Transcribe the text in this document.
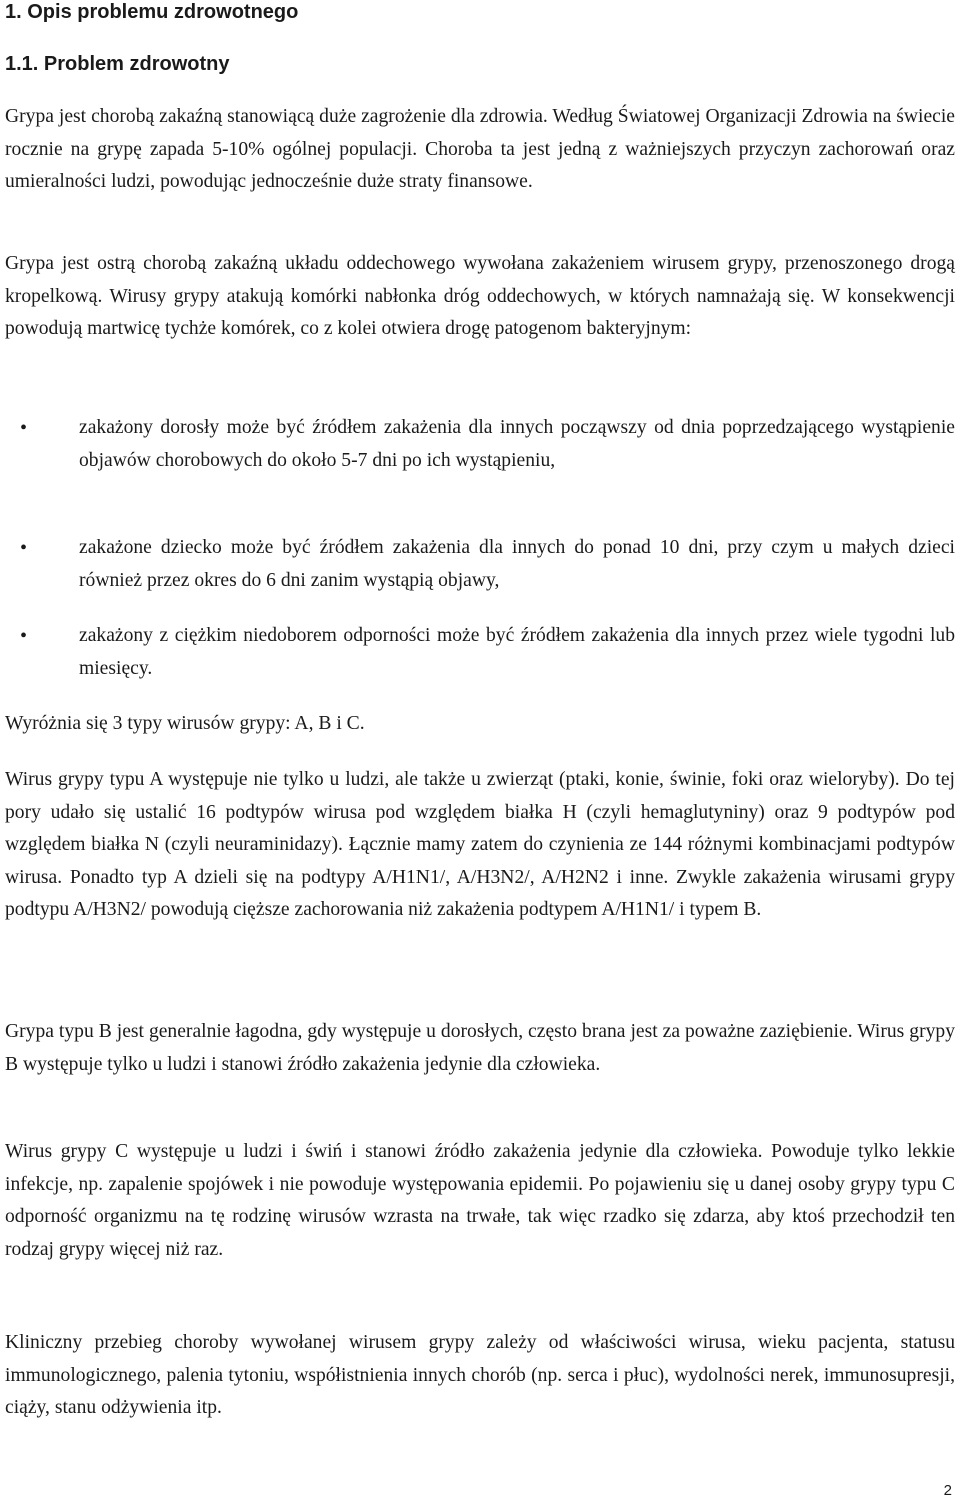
1. Opis problemu zdrowotnego
1.1. Problem zdrowotny

Grypa jest chorobą zakaźną stanowiącą duże zagrożenie dla zdrowia. Według Światowej Organizacji Zdrowia na świecie rocznie na grypę zapada 5-10% ogólnej populacji. Choroba ta jest jedną z ważniejszych przyczyn zachorowań oraz umieralności ludzi, powodując jednocześnie duże straty finansowe.

Grypa jest ostrą chorobą zakaźną układu oddechowego wywołana zakażeniem wirusem grypy, przenoszonego drogą kropelkową. Wirusy grypy atakują komórki nabłonka dróg oddechowych, w których namnażają się. W konsekwencji powodują martwicę tychże komórek, co z kolei otwiera drogę patogenom bakteryjnym:

•	zakażony dorosły może być źródłem zakażenia dla innych począwszy od dnia poprzedzającego wystąpienie objawów chorobowych do około 5-7 dni po ich wystąpieniu,
•	zakażone dziecko może być źródłem zakażenia dla innych do ponad 10 dni, przy czym u małych dzieci również przez okres do 6 dni zanim wystąpią objawy,
•	zakażony z ciężkim niedoborem odporności może być źródłem zakażenia dla innych przez wiele tygodni lub miesięcy.

Wyróżnia się 3 typy wirusów grypy: A, B i C.

Wirus grypy typu A występuje nie tylko u ludzi, ale także u zwierząt (ptaki, konie, świnie, foki oraz wieloryby). Do tej pory udało się ustalić 16 podtypów wirusa pod względem białka H (czyli hemaglutyniny) oraz 9 podtypów pod względem białka N (czyli neuraminidazy). Łącznie mamy zatem do czynienia ze 144 różnymi kombinacjami podtypów wirusa. Ponadto typ A dzieli się na podtypy A/H1N1/, A/H3N2/, A/H2N2 i inne. Zwykle zakażenia wirusami grypy podtypu A/H3N2/ powodują cięższe zachorowania niż zakażenia podtypem A/H1N1/ i typem B.

Grypa typu B jest generalnie łagodna, gdy występuje u dorosłych, często brana jest za poważne zaziębienie. Wirus grypy B występuje tylko u ludzi i stanowi źródło zakażenia jedynie dla człowieka.

Wirus grypy C występuje u ludzi i świń i stanowi źródło zakażenia jedynie dla człowieka. Powoduje tylko lekkie infekcje, np. zapalenie spojówek i nie powoduje występowania epidemii. Po pojawieniu się u danej osoby grypy typu C odporność organizmu na tę rodzinę wirusów wzrasta na trwałe, tak więc rzadko się zdarza, aby ktoś przechodził ten rodzaj grypy więcej niż raz.

Kliniczny przebieg choroby wywołanej wirusem grypy zależy od właściwości wirusa, wieku pacjenta, statusu immunologicznego, palenia tytoniu, współistnienia innych chorób (np. serca i płuc), wydolności nerek, immunosupresji, ciąży, stanu odżywienia itp.

2
